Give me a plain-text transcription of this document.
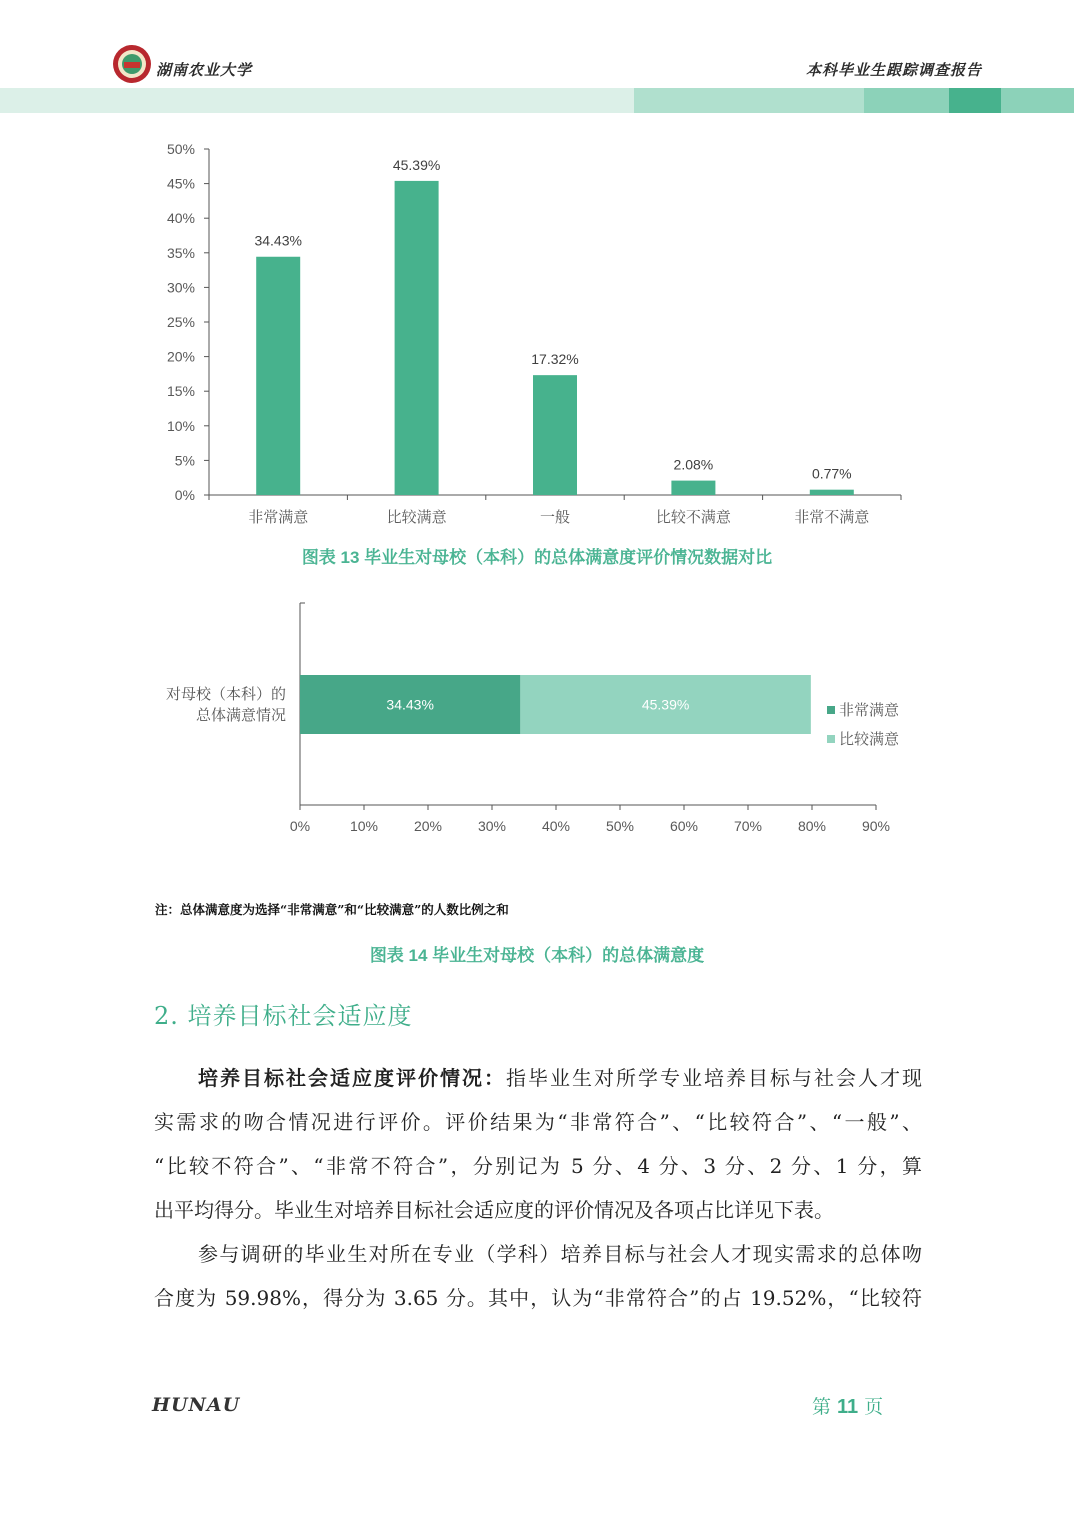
湖南农业大学	本科毕业生跟踪调查报告
0%
5%
10%
15%
20%
25%
30%
35%
40%
45%
50%
34.43%
非常满意
45.39%
比较满意
17.32%
一般
2.08%
比较不满意
0.77%
非常不满意
图表 13 毕业生对母校（本科）的总体满意度评价情况数据对比
对母校（本科）的
总体满意情况
0%	10%	20%	30%	40%	50%	60%	70%	80%	90%
34.43%	非常满意
45.39%
比较满意
注：总体满意度为选择“非常满意”和“比较满意”的人数比例之和
图表 14 毕业生对母校（本科）的总体满意度
2. 培养目标社会适应度
培养目标社会适应度评价情况：指毕业生对所学专业培养目标与社会人才现
实需求的吻合情况进行评价。评价结果为“非常符合”、“比较符合”、“一般”、
“比较不符合”、“非常不符合”，分别记为 5 分、4 分、3 分、2 分、1 分，算
出平均得分。毕业生对培养目标社会适应度的评价情况及各项占比详见下表。
参与调研的毕业生对所在专业（学科）培养目标与社会人才现实需求的总体吻
合度为 59.98%，得分为 3.65 分。其中，认为“非常符合”的占 19.52%，“比较符
HUNAU	第 11 页
